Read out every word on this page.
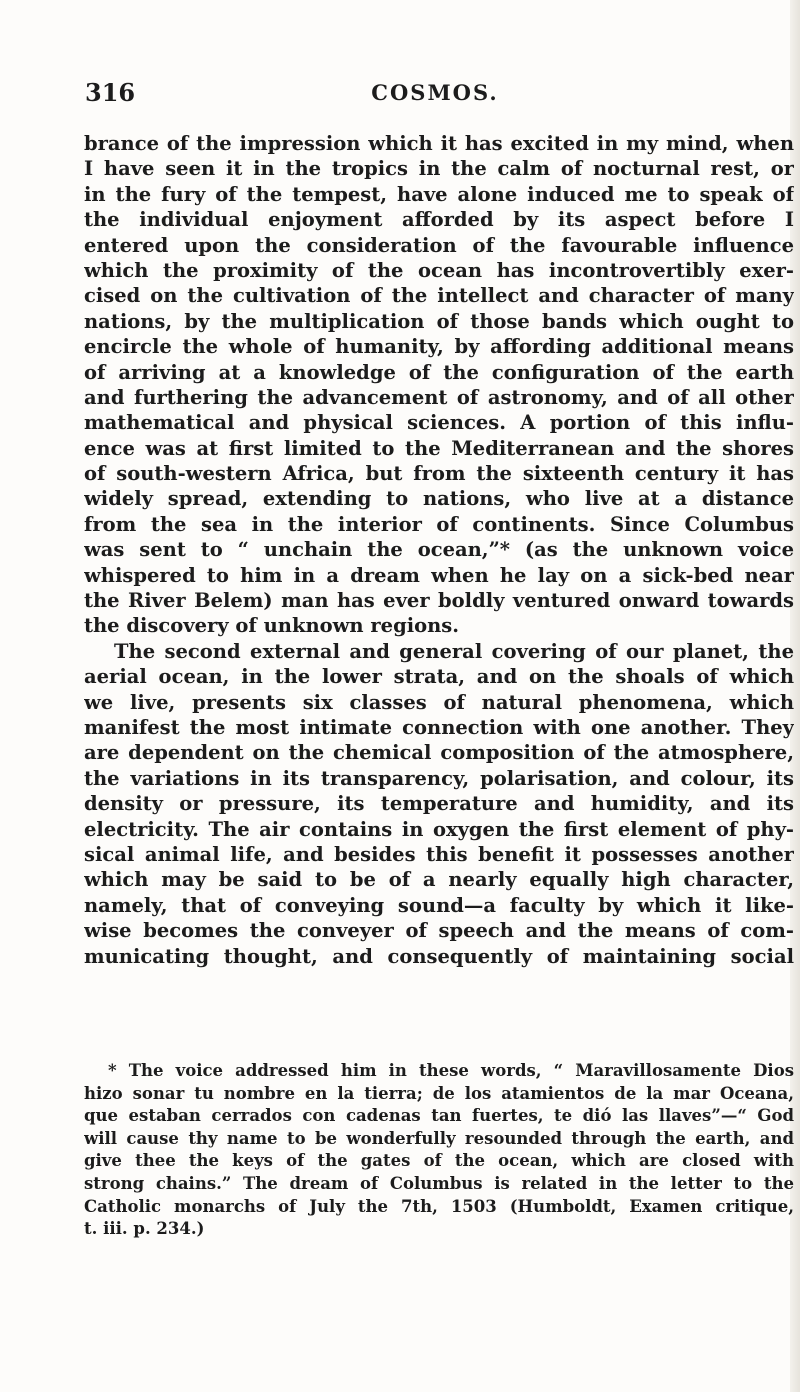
316	COSMOS.
brance of the impression which it has excited in my mind, when
I have seen it in the tropics in the calm of nocturnal rest, or
in the fury of the tempest, have alone induced me to speak of
the individual enjoyment afforded by its aspect before I
entered upon the consideration of the favourable influence
which the proximity of the ocean has incontrovertibly exer-
cised on the cultivation of the intellect and character of many
nations, by the multiplication of those bands which ought to
encircle the whole of humanity, by affording additional means
of arriving at a knowledge of the configuration of the earth
and furthering the advancement of astronomy, and of all other
mathematical and physical sciences. A portion of this influ-
ence was at first limited to the Mediterranean and the shores
of south-western Africa, but from the sixteenth century it has
widely spread, extending to nations, who live at a distance
from the sea in the interior of continents. Since Columbus
was sent to “ unchain the ocean,”* (as the unknown voice
whispered to him in a dream when he lay on a sick-bed near
the River Belem) man has ever boldly ventured onward towards
the discovery of unknown regions.
The second external and general covering of our planet, the
aerial ocean, in the lower strata, and on the shoals of which
we live, presents six classes of natural phenomena, which
manifest the most intimate connection with one another. They
are dependent on the chemical composition of the atmosphere,
the variations in its transparency, polarisation, and colour, its
density or pressure, its temperature and humidity, and its
electricity. The air contains in oxygen the first element of phy-
sical animal life, and besides this benefit it possesses another
which may be said to be of a nearly equally high character,
namely, that of conveying sound—a faculty by which it like-
wise becomes the conveyer of speech and the means of com-
municating thought, and consequently of maintaining social
* The voice addressed him in these words, “ Maravillosamente Dios
hizo sonar tu nombre en la tierra; de los atamientos de la mar Oceana,
que estaban cerrados con cadenas tan fuertes, te dió las llaves”—“ God
will cause thy name to be wonderfully resounded through the earth, and
give thee the keys of the gates of the ocean, which are closed with
strong chains.” The dream of Columbus is related in the letter to the
Catholic monarchs of July the 7th, 1503 (Humboldt, Examen critique,
t. iii. p. 234.)
